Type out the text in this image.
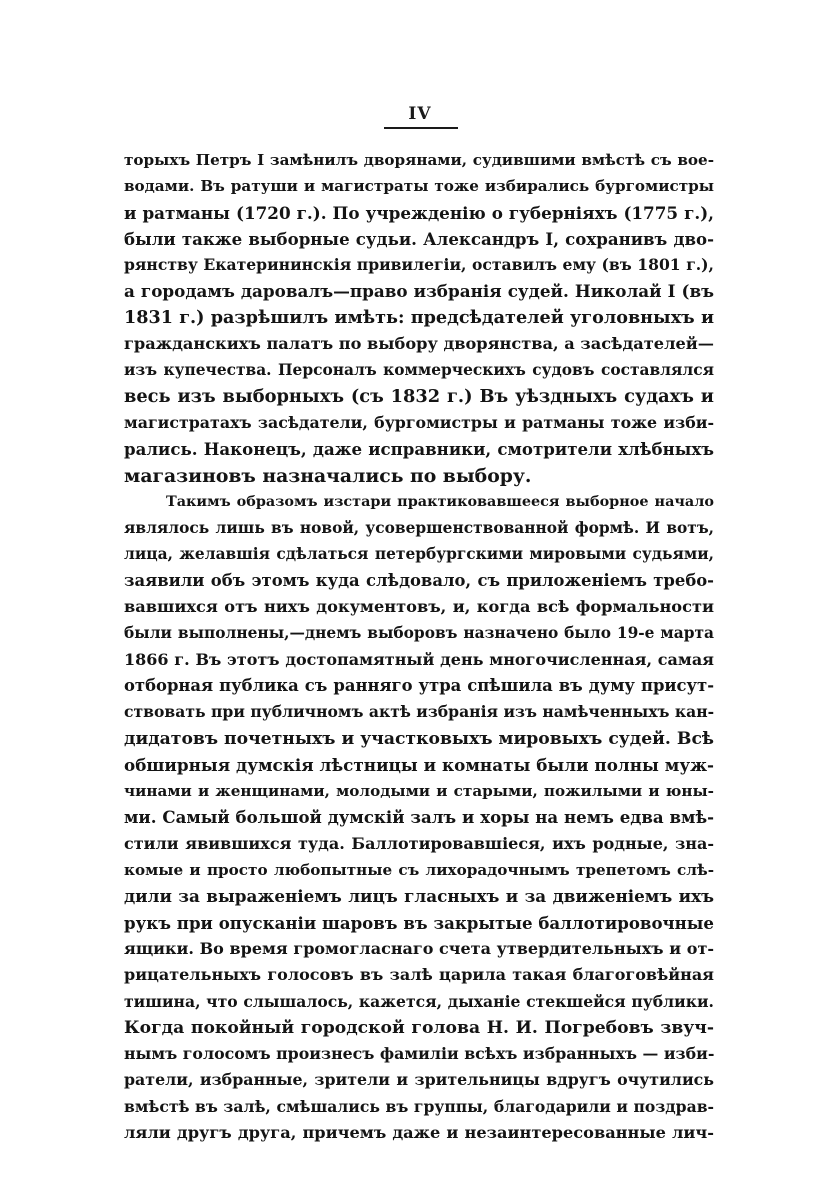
IV
торыхъ Петръ I замѣнилъ дворянами, судившими вмѣстѣ съ вое-
водами. Въ ратуши и магистраты тоже избирались бургомистры
и ратманы (1720 г.). По учрежденію о губерніяхъ (1775 г.),
были также выборные судьи. Александръ I, сохранивъ дво-
рянству Екатерининскія привилегіи, оставилъ ему (въ 1801 г.),
а городамъ даровалъ—право избранія судей. Николай I (въ
1831 г.) разрѣшилъ имѣть: предсѣдателей уголовныхъ и
гражданскихъ палатъ по выбору дворянства, а засѣдателей—
изъ купечества. Персоналъ коммерческихъ судовъ составлялся
весь изъ выборныхъ (съ 1832 г.) Въ уѣздныхъ судахъ и
магистратахъ засѣдатели, бургомистры и ратманы тоже изби-
рались. Наконецъ, даже исправники, смотрители хлѣбныхъ
магазиновъ назначались по выбору.
Такимъ образомъ изстари практиковавшееся выборное начало
являлось лишь въ новой, усовершенствованной формѣ. И вотъ,
лица, желавшія сдѣлаться петербургскими мировыми судьями,
заявили объ этомъ куда слѣдовало, съ приложеніемъ требо-
вавшихся отъ нихъ документовъ, и, когда всѣ формальности
были выполнены,—днемъ выборовъ назначено было 19-е марта
1866 г. Въ этотъ достопамятный день многочисленная, самая
отборная публика съ ранняго утра спѣшила въ думу присут-
ствовать при публичномъ актѣ избранія изъ намѣченныхъ кан-
дидатовъ почетныхъ и участковыхъ мировыхъ судей. Всѣ
обширныя думскія лѣстницы и комнаты были полны муж-
чинами и женщинами, молодыми и старыми, пожилыми и юны-
ми. Самый большой думскій залъ и хоры на немъ едва вмѣ-
стили явившихся туда. Баллотировавшіеся, ихъ родные, зна-
комые и просто любопытные съ лихорадочнымъ трепетомъ слѣ-
дили за выраженіемъ лицъ гласныхъ и за движеніемъ ихъ
рукъ при опусканіи шаровъ въ закрытые баллотировочные
ящики. Во время громогласнаго счета утвердительныхъ и от-
рицательныхъ голосовъ въ залѣ царила такая благоговѣйная
тишина, что слышалось, кажется, дыханіе стекшейся публики.
Когда покойный городской голова Н. И. Погребовъ звуч-
нымъ голосомъ произнесъ фамиліи всѣхъ избранныхъ — изби-
ратели, избранные, зрители и зрительницы вдругъ очутились
вмѣстѣ въ залѣ, смѣшались въ группы, благодарили и поздрав-
ляли другъ друга, причемъ даже и незаинтересованные лич-
